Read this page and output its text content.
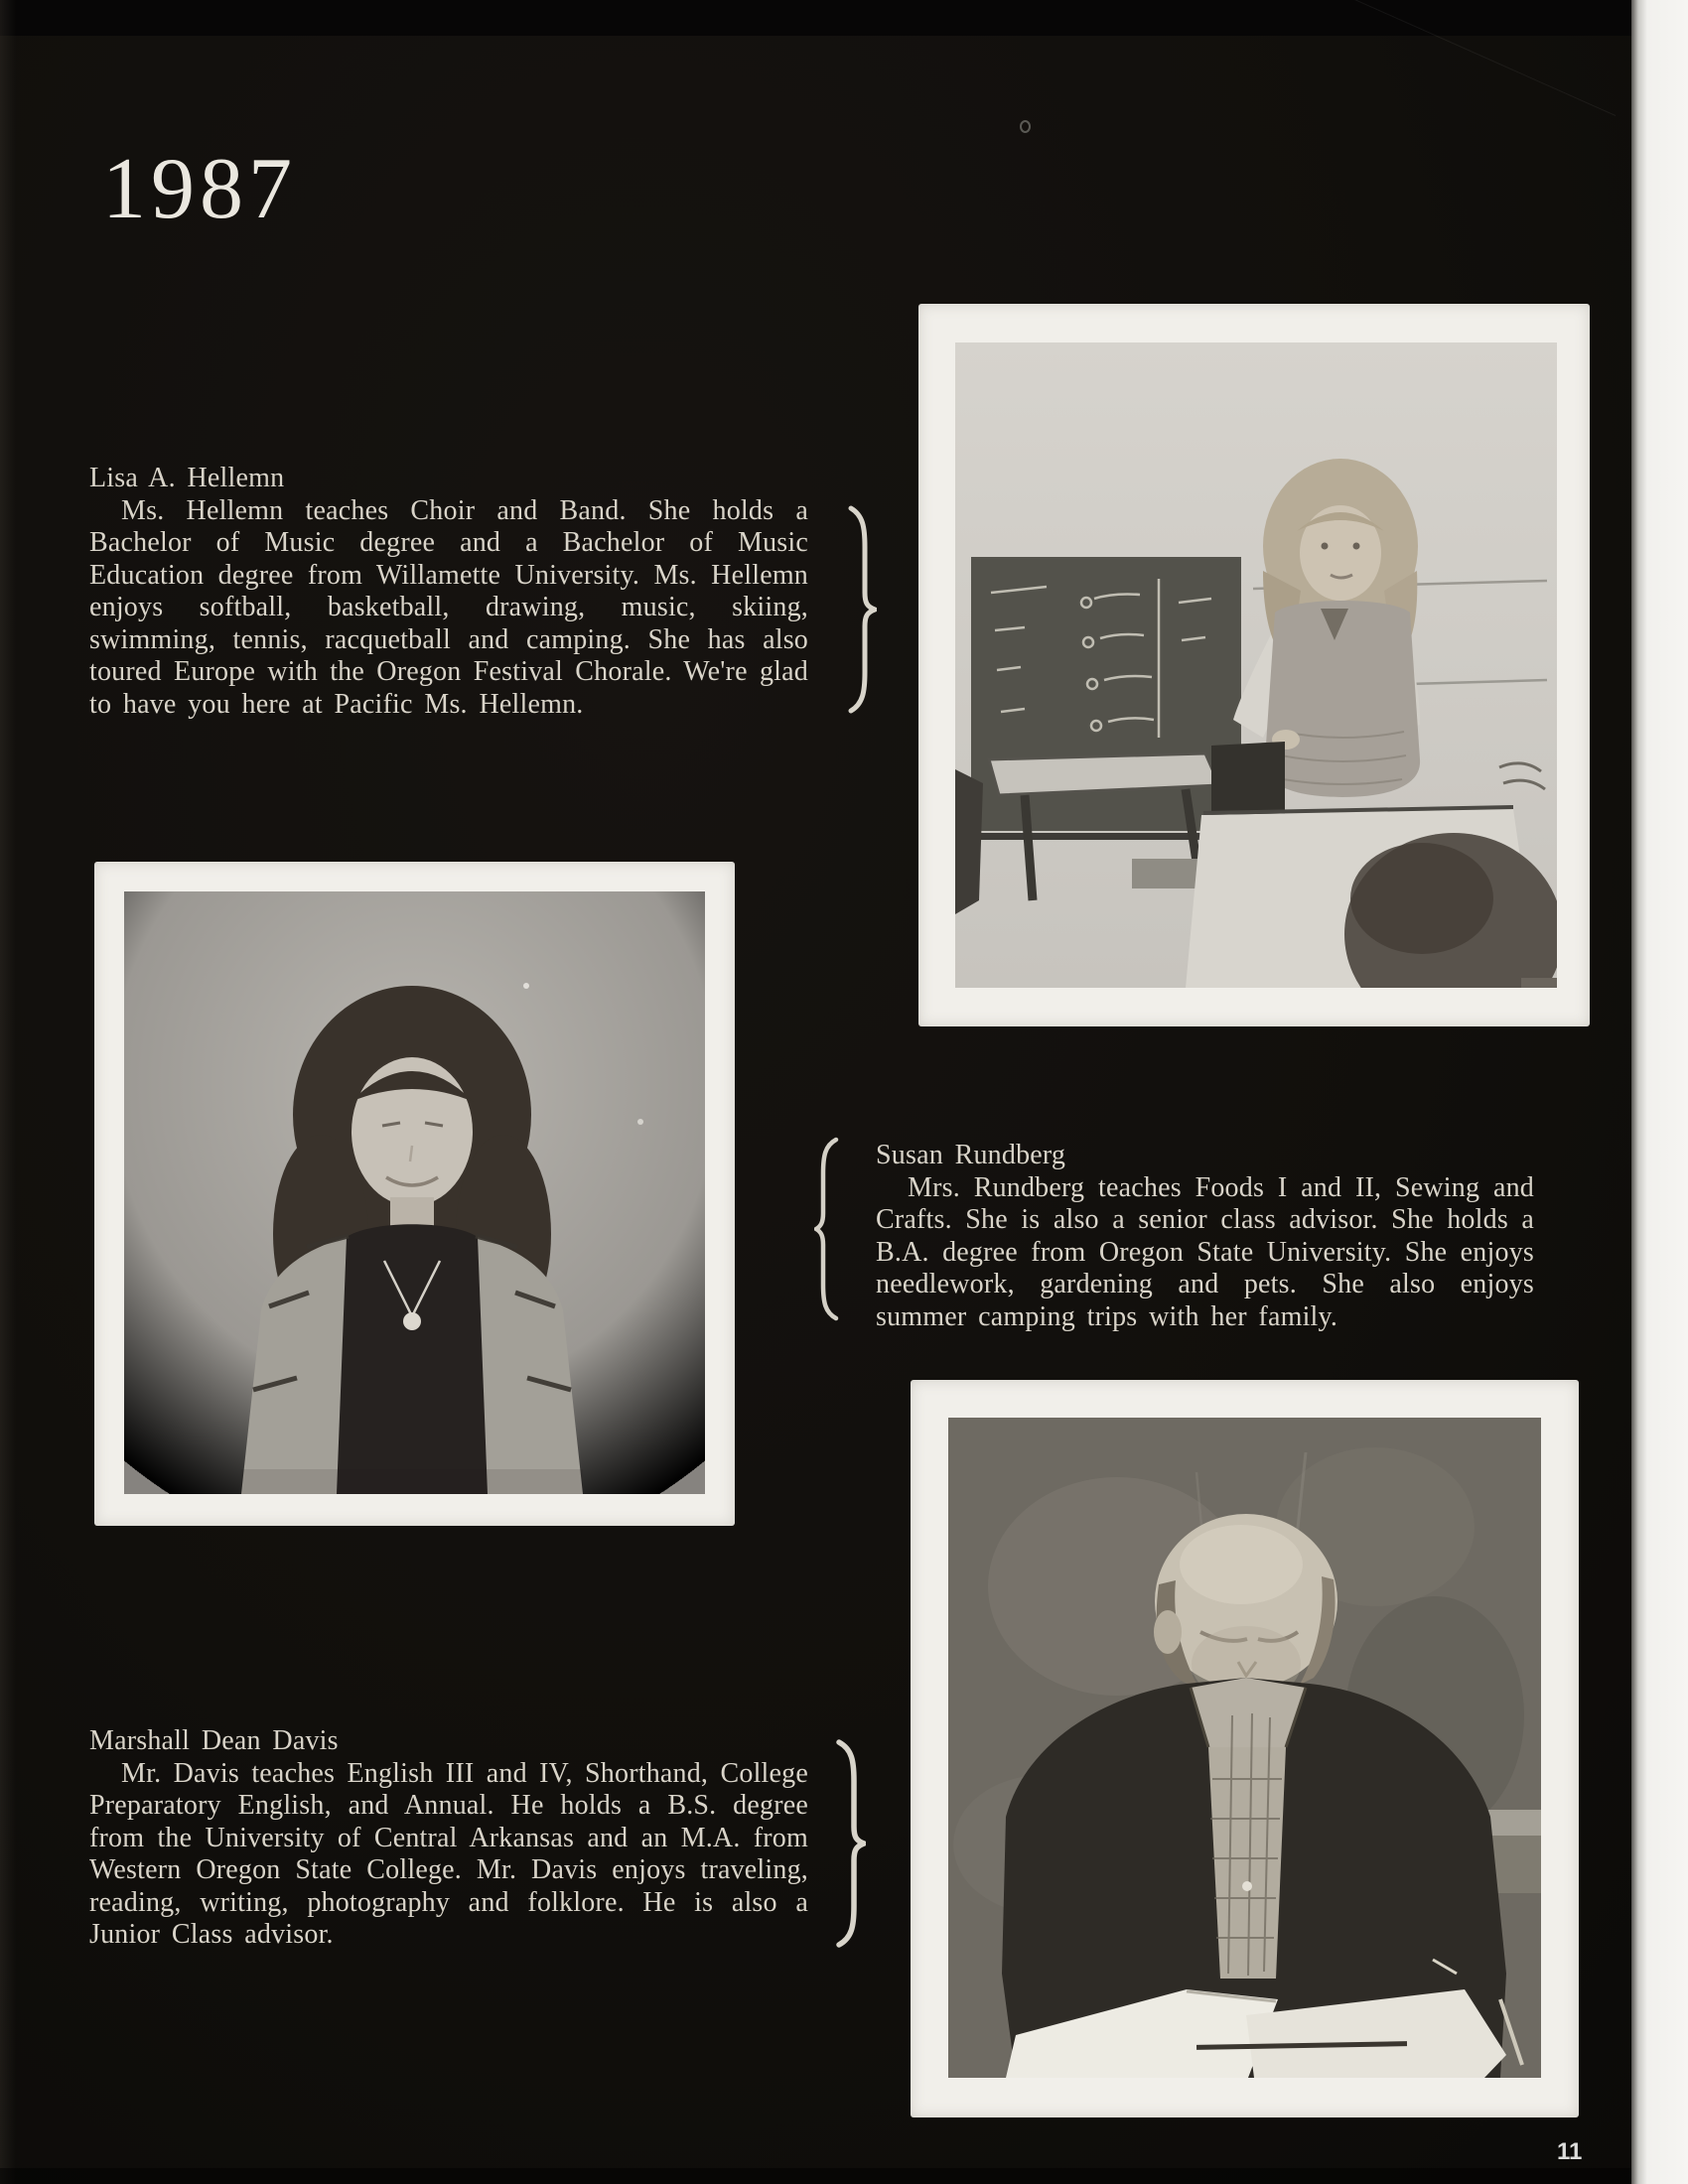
1987
Lisa A. Hellemn

Ms. Hellemn teaches Choir and Band. She holds a Bachelor of Music degree and a Bachelor of Music Education degree from Willamette University. Ms. Hellemn enjoys softball, basketball, drawing, music, skiing, swimming, tennis, racquetball and camping. She has also toured Europe with the Oregon Festival Chorale. We're glad to have you here at Pacific Ms. Hellemn.

Susan Rundberg

Mrs. Rundberg teaches Foods I and II, Sewing and Crafts. She is also a senior class advisor. She holds a B.A. degree from Oregon State University. She enjoys needlework, gardening and pets. She also enjoys summer camping trips with her family.

Marshall Dean Davis

Mr. Davis teaches English III and IV, Shorthand, College Preparatory English, and Annual. He holds a B.S. degree from the University of Central Arkansas and an M.A. from Western Oregon State College. Mr. Davis enjoys traveling, reading, writing, photography and folklore. He is also a Junior Class advisor.

11
